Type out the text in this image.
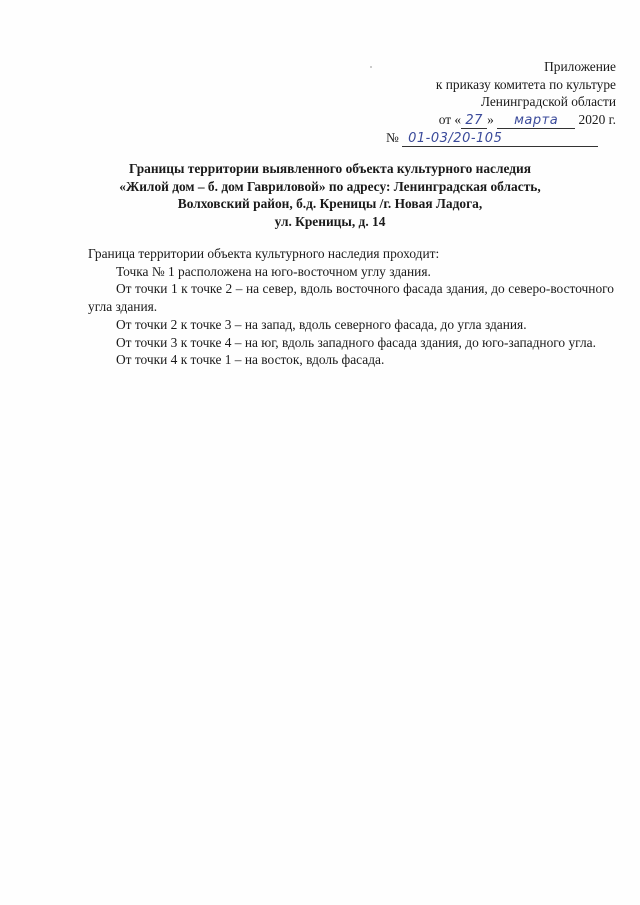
Приложение
к приказу комитета по культуре
Ленинградской области
от « 27 » марта 2020 г.
№ 01-03/20-105
Границы территории выявленного объекта культурного наследия
«Жилой дом – б. дом Гавриловой» по адресу: Ленинградская область,
Волховский район, б.д. Креницы /г. Новая Ладога,
ул. Креницы, д. 14

Граница территории объекта культурного наследия проходит:

Точка № 1 расположена на юго-восточном углу здания.

От точки 1 к точке 2 – на север, вдоль восточного фасада здания, до северо-восточного угла здания.

От точки 2 к точке 3 – на запад, вдоль северного фасада, до угла здания.

От точки 3 к точке 4 – на юг, вдоль западного фасада здания, до юго-западного угла.

От точки 4 к точке 1 – на восток, вдоль фасада.
